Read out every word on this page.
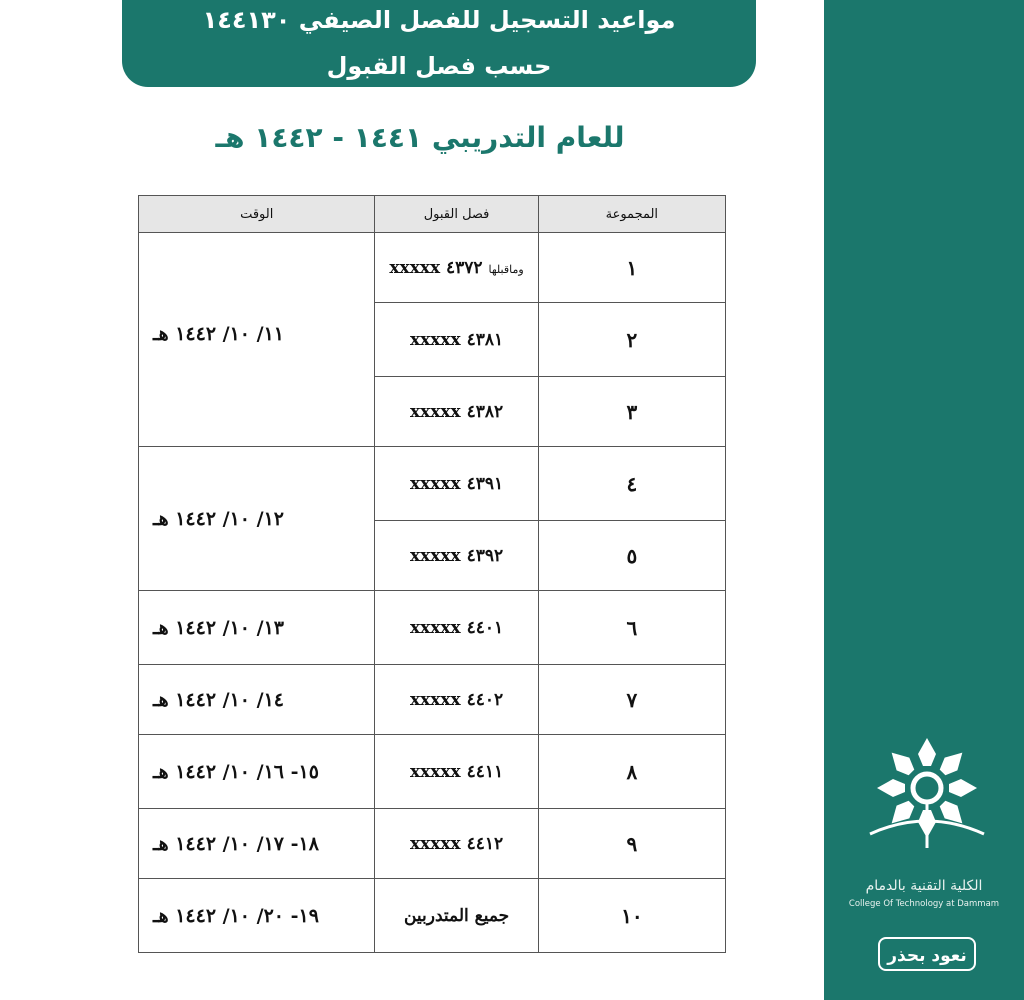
مواعيد التسجيل للفصل الصيفي ١٤٤١٣٠
حسب فصل القبول
للعام التدريبي ١٤٤١ - ١٤٤٢ هـ
المجموعة	فصل القبول	الوقت
١	وماقبلها ٤٣٧٢ xxxxx	١١/ ١٠/ ١٤٤٢ هـ
٢	٤٣٨١ xxxxx	
٣	٤٣٨٢ xxxxx	
٤	٤٣٩١ xxxxx	١٢/ ١٠/ ١٤٤٢ هـ
٥	٤٣٩٢ xxxxx	
٦	٤٤٠١ xxxxx	١٣/ ١٠/ ١٤٤٢ هـ
٧	٤٤٠٢ xxxxx	١٤/ ١٠/ ١٤٤٢ هـ
٨	٤٤١١ xxxxx	١٥- ١٦/ ١٠/ ١٤٤٢ هـ
٩	٤٤١٢ xxxxx	١٨- ١٧/ ١٠/ ١٤٤٢ هـ
١٠	جميع المتدربين	١٩- ٢٠/ ١٠/ ١٤٤٢ هـ
الكلية التقنية بالدمام
College Of Technology at Dammam
نعود بحذر
